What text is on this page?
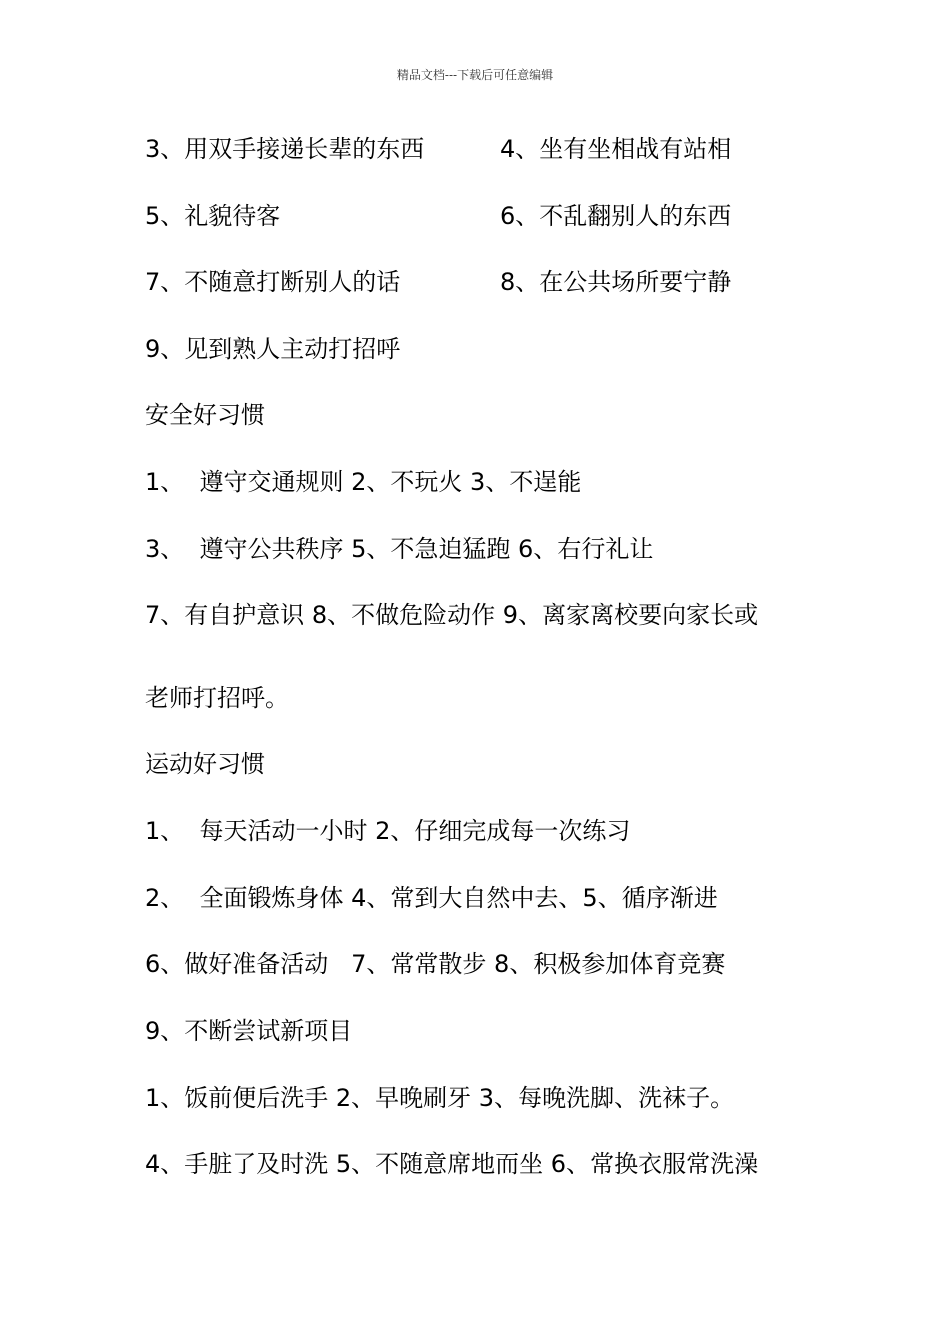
精品文档---下载后可任意编辑
3、用双手接递长辈的东西	4、坐有坐相战有站相
5、礼貌待客	6、不乱翻别人的东西
7、不随意打断别人的话	8、在公共场所要宁静
9、见到熟人主动打招呼
安全好习惯
1、  遵守交通规则 2、不玩火 3、不逞能
3、  遵守公共秩序 5、不急迫猛跑 6、右行礼让
7、有自护意识 8、不做危险动作 9、离家离校要向家长或
老师打招呼。
运动好习惯
1、  每天活动一小时 2、仔细完成每一次练习
2、  全面锻炼身体 4、常到大自然中去、5、循序渐进
6、做好准备活动   7、常常散步 8、积极参加体育竞赛
9、不断尝试新项目
1、饭前便后洗手 2、早晚刷牙 3、每晚洗脚、洗袜子。
4、手脏了及时洗 5、不随意席地而坐 6、常换衣服常洗澡
